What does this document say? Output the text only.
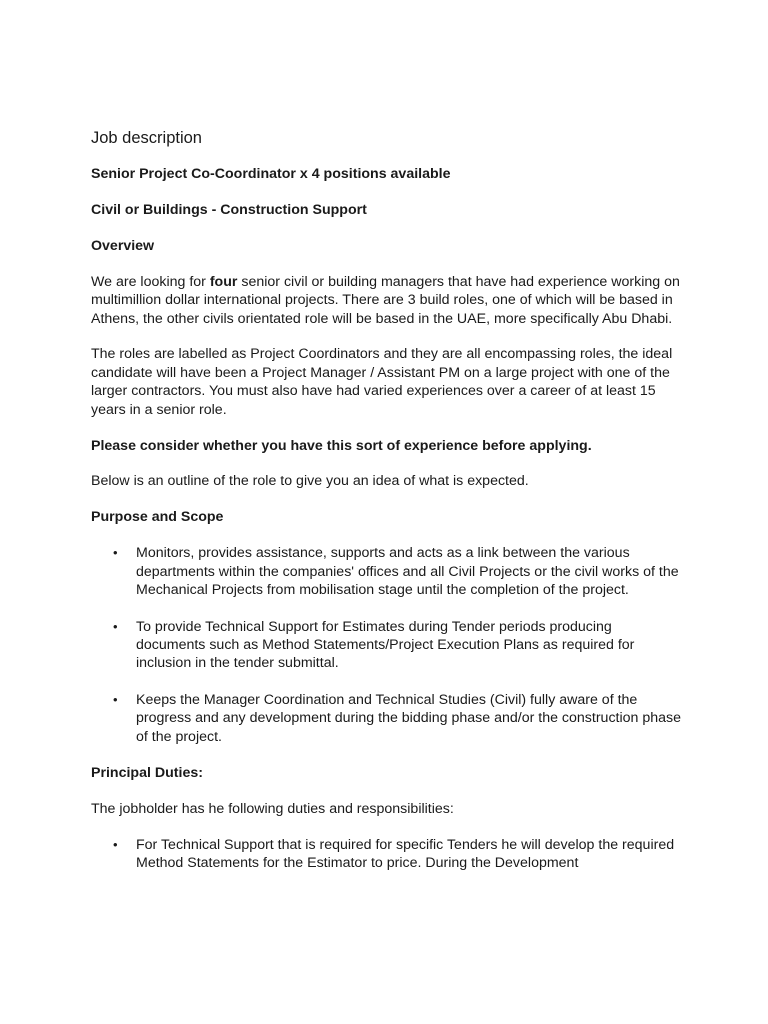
Job description
Senior Project Co-Coordinator x 4 positions available
Civil or Buildings - Construction Support
Overview
We are looking for four senior civil or building managers that have had experience working on multimillion dollar international projects. There are 3 build roles, one of which will be based in Athens, the other civils orientated role will be based in the UAE, more specifically Abu Dhabi.
The roles are labelled as Project Coordinators and they are all encompassing roles, the ideal candidate will have been a Project Manager / Assistant PM on a large project with one of the larger contractors. You must also have had varied experiences over a career of at least 15 years in a senior role.
Please consider whether you have this sort of experience before applying.
Below is an outline of the role to give you an idea of what is expected.
Purpose and Scope
• Monitors, provides assistance, supports and acts as a link between the various departments within the companies' offices and all Civil Projects or the civil works of the Mechanical Projects from mobilisation stage until the completion of the project.
• To provide Technical Support for Estimates during Tender periods producing documents such as Method Statements/Project Execution Plans as required for inclusion in the tender submittal.
• Keeps the Manager Coordination and Technical Studies (Civil) fully aware of the progress and any development during the bidding phase and/or the construction phase of the project.
Principal Duties:
The jobholder has he following duties and responsibilities:
• For Technical Support that is required for specific Tenders he will develop the required Method Statements for the Estimator to price. During the Development
